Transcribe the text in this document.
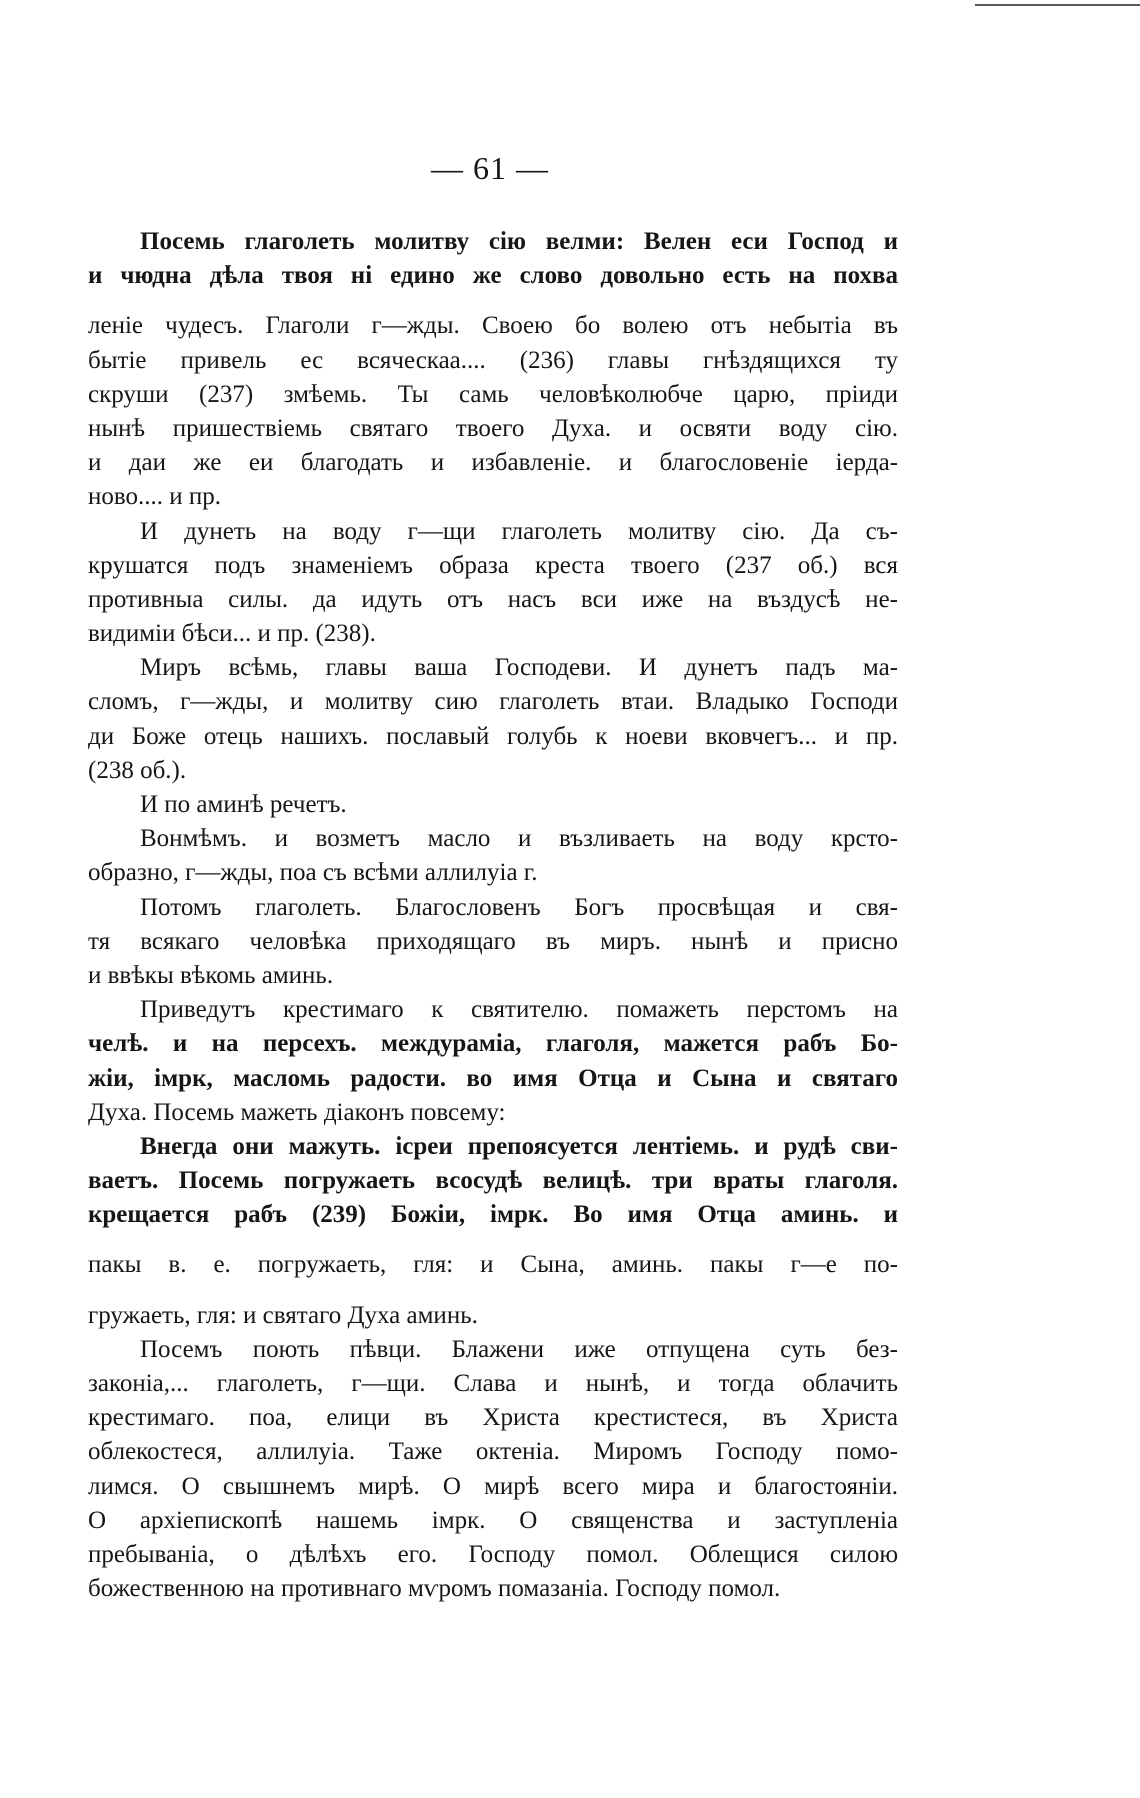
— 61 —
Посемь глаголеть молитву сію велми: Велен еси Господ и
и чюдна дѣла твоя ні едино же слово довольно есть на похва
леніе чудесъ. Глаголи г—жды. Своею бо волею отъ небытіа въ
бытіе привель ес всяческаа.... (236) главы гнѣздящихся ту
скруши (237) змѣемь. Ты самь человѣколюбче царю, пріиди
нынѣ пришествіемь святаго твоего Духа. и освяти воду сію.
и даи же еи благодать и избавленіе. и благословеніе іерда-
ново.... и пр.
И дунеть на воду г—щи глаголеть молитву сію. Да съ-
крушатся подъ знаменіемъ образа креста твоего (237 об.) вся
противныа силы. да идуть отъ насъ вси иже на въздусѣ не-
видиміи бѣси... и пр. (238).
Миръ всѣмь, главы ваша Господеви. И дунетъ падъ ма-
сломъ, г—жды, и молитву сию глаголеть втаи. Владыко Господи
ди Боже отець нашихъ. пославый голубь к ноеви вковчегъ... и пр.
(238 об.).
И по аминѣ речетъ.
Вонмѣмъ. и возметъ масло и възливаеть на воду крсто-
образно, г—жды, поа съ всѣми аллилуіа г.
Потомъ глаголеть. Благословенъ Богъ просвѣщая и свя-
тя всякаго человѣка приходящаго въ миръ. нынѣ и присно
и ввѣкы вѣкомь аминь.
Приведутъ крестимаго к святителю. помажеть перстомъ на
челѣ. и на персехъ. междураміа, глаголя, мажется рабъ Бо-
жіи, імрк, масломь радости. во имя Отца и Сына и святаго
Духа. Посемь мажеть діаконъ повсему:
Внегда они мажуть. ісреи препоясуется лентіемь. и рудѣ сви-
ваетъ. Посемь погружаеть всосудѣ велицѣ. три враты глаголя.
крещается рабъ (239) Божіи, імрк. Во имя Отца аминь. и
пакы в. е. погружаеть, гля: и Сына, аминь. пакы г—е по-
гружаеть, гля: и святаго Духа аминь.
Посемъ поють пѣвци. Блажени иже отпущена суть без-
законіа,... глаголеть, г—щи. Слава и нынѣ, и тогда облачить
крестимаго. поа, елици въ Христа крестистеся, въ Христа
облекостеся, аллилуіа. Таже октеніа. Миромъ Господу помо-
лимся. О свышнемъ мирѣ. О мирѣ всего мира и благостояніи.
О архіепископѣ нашемь імрк. О священства и заступленіа
пребываніа, о дѣлѣхъ его. Господу помол. Облещися силою
божественною на противнаго мѵромъ помазаніа. Господу помол.
